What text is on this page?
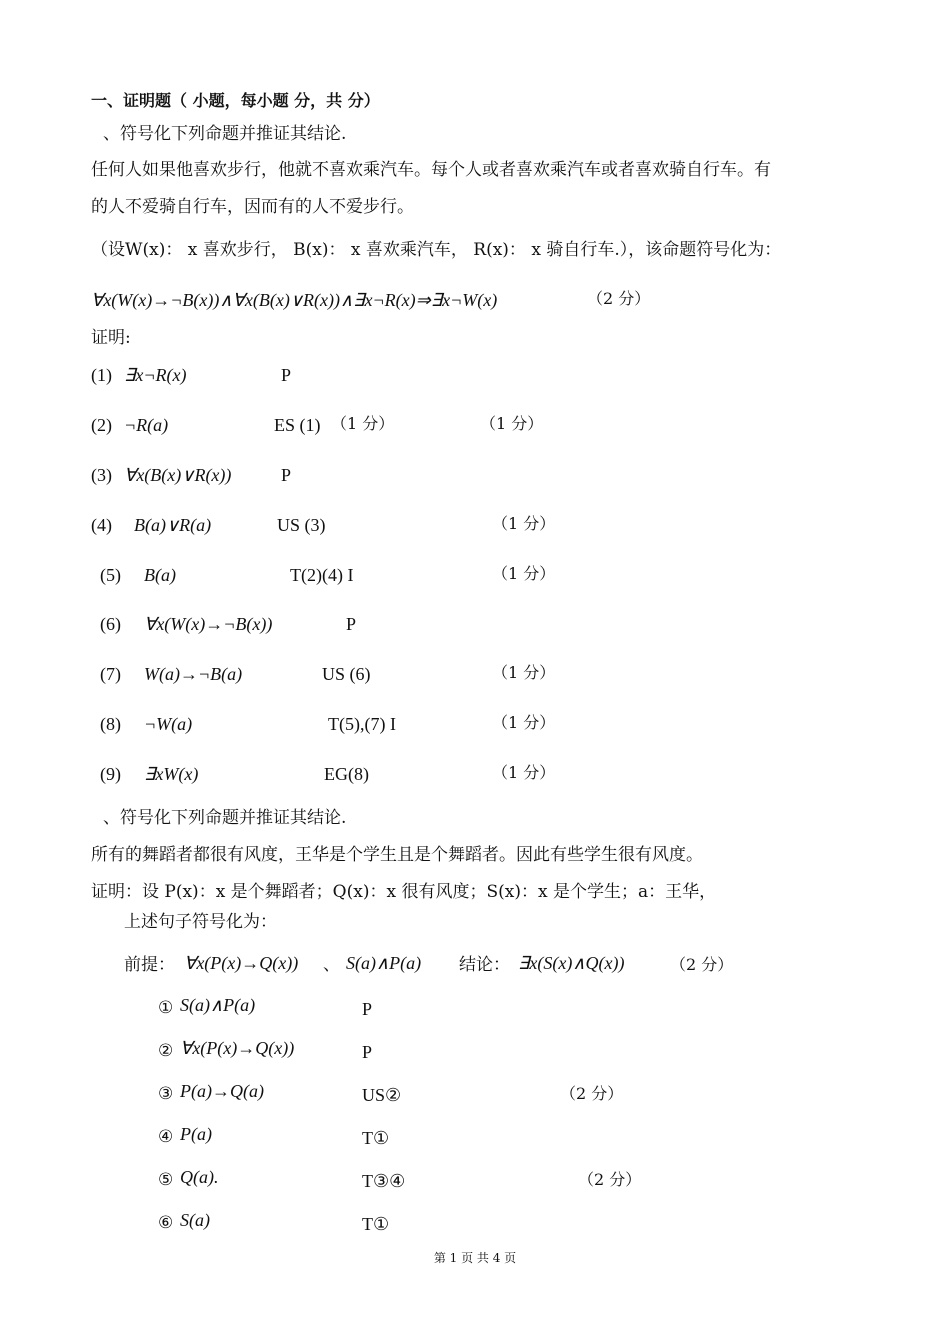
一、证明题（ 小题，每小题 分，共 分）
、符号化下列命题并推证其结论.
任何人如果他喜欢步行，他就不喜欢乘汽车。每个人或者喜欢乘汽车或者喜欢骑自行车。有
的人不爱骑自行车，因而有的人不爱步行。
（设W(x)： x 喜欢步行， B(x)： x 喜欢乘汽车， R(x)： x 骑自行车.），该命题符号化为：
∀x(W(x)→¬B(x))∧∀x(B(x)∨R(x))∧∃x¬R(x)⇒∃x¬W(x)	（2 分）
证明:
(1) ∃x¬R(x)	P
(2) ¬R(a)	ES (1) （1 分）	（1 分）
(3) ∀x(B(x)∨R(x))	P
(4) B(a)∨R(a)	US (3)	（1 分）
(5) B(a)	T(2)(4) I	（1 分）
(6) ∀x(W(x)→¬B(x))	P
(7) W(a)→¬B(a)	US (6)	（1 分）
(8) ¬W(a)	T(5),(7) I	（1 分）
(9) ∃xW(x)	EG(8)	（1 分）
、符号化下列命题并推证其结论.
所有的舞蹈者都很有风度，王华是个学生且是个舞蹈者。因此有些学生很有风度。
证明：设 P(x)：x 是个舞蹈者；Q(x)：x 很有风度；S(x)：x 是个学生；a：王华，
上述句子符号化为：
前提： ∀x(P(x)→Q(x)) 、 S(a)∧P(a) 结论： ∃x(S(x)∧Q(x))	（2 分）
① S(a)∧P(a)	P
② ∀x(P(x)→Q(x))	P
③ P(a)→Q(a)	US②	（2 分）
④ P(a)	T①
⑤ Q(a).	T③④	（2 分）
⑥ S(a)	T①
第 1 页 共 4 页
